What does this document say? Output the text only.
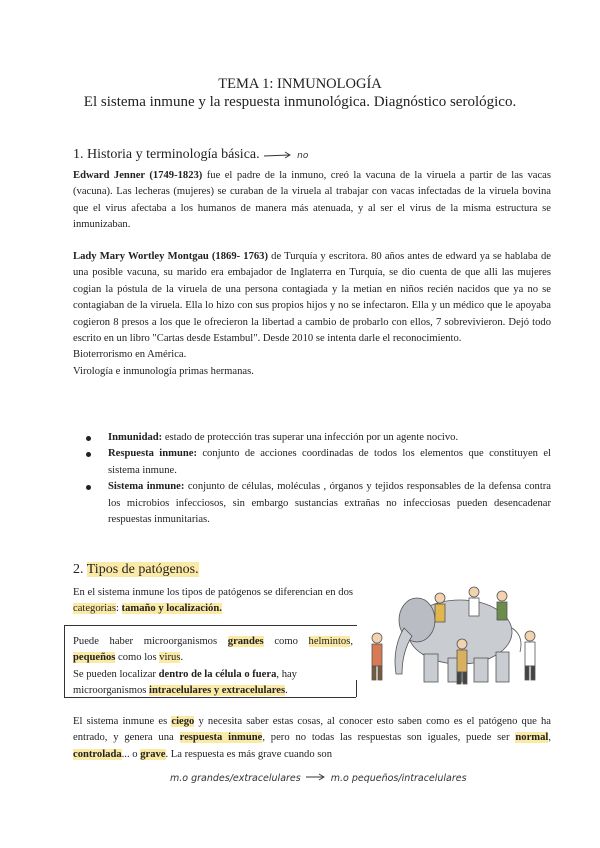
TEMA 1: INMUNOLOGÍA
El sistema inmune y la respuesta inmunológica. Diagnóstico serológico.
1. Historia y terminología básica.	no

Edward Jenner (1749-1823) fue el padre de la inmuno, creó la vacuna de la viruela a partir de las vacas (vacuna). Las lecheras (mujeres) se curaban de la viruela al trabajar con vacas infectadas de la viruela bovina que el virus afectaba a los humanos de manera más atenuada, y al ser el virus de la misma estructura se inmunizaban.

Lady Mary Wortley Montgau (1869- 1763) de Turquía y escritora. 80 años antes de edward ya se hablaba de una posible vacuna, su marido era embajador de Inglaterra en Turquía, se dio cuenta de que alli las mujeres cogian la póstula de la viruela de una persona contagiada y la metian en niños recién nacidos que ya no se contagiaban de la viruela. Ella lo hizo con sus propios hijos y no se infectaron. Ella y un médico que le apoyaba cogieron 8 presos a los que le ofrecieron la libertad a cambio de probarlo con ellos, 7 sobrevivieron. Dejó todo escrito en un libro "Cartas desde Estambul". Desde 2010 se intenta darle el reconocimiento.

Bioterrorismo en América.

Virología e inmunología primas hermanas.

Inmunidad: estado de protección tras superar una infección por un agente nocivo.
Respuesta inmune: conjunto de acciones coordinadas de todos los elementos que constituyen el sistema inmune.
Sistema inmune: conjunto de células, moléculas , órganos y tejidos responsables de la defensa contra los microbios infecciosos, sin embargo sustancias extrañas no infecciosas pueden desencadenar respuestas inmunitarias.
2. Tipos de patógenos.

En el sistema inmune los tipos de patógenos se diferencian en dos categorias: tamaño y localización.

Puede haber microorganismos grandes como helmintos, pequeños como los virus.

Se pueden localizar dentro de la célula o fuera, hay microorganismos intracelulares y extracelulares.

El sistema inmune es ciego y necesita saber estas cosas, al conocer esto saben como es el patógeno que ha entrado, y genera una respuesta inmune, pero no todas las respuestas son iguales, puede ser normal, controlada... o grave. La respuesta es más grave cuando son

m.o grandes/extracelulares	m.o pequeños/intracelulares
